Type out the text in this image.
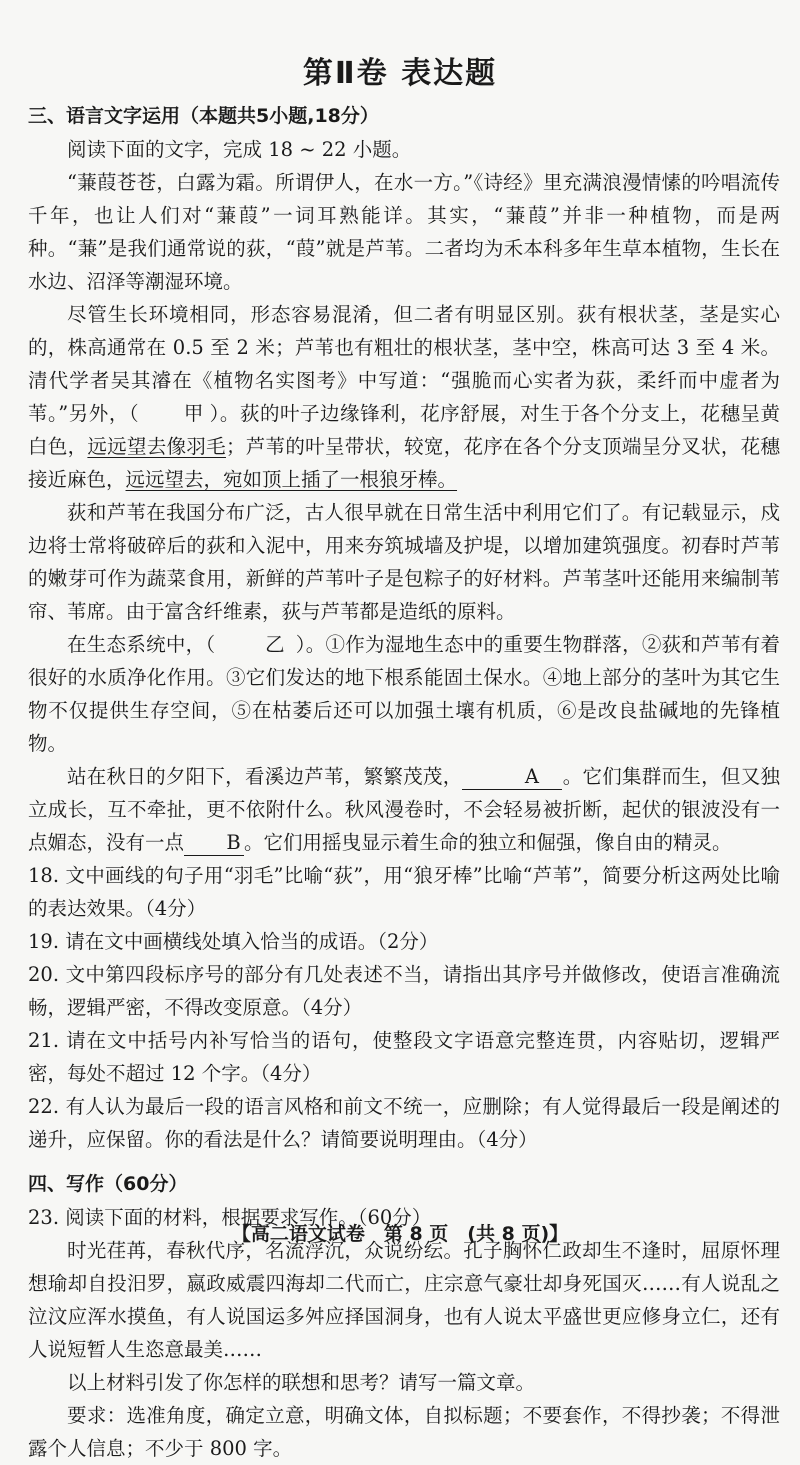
第Ⅱ卷 表达题
三、语言文字运用（本题共5小题,18分）

阅读下面的文字，完成 18 ~ 22 小题。

“蒹葭苍苍，白露为霜。所谓伊人，在水一方。”《诗经》里充满浪漫情愫的吟唱流传千年，也让人们对“蒹葭”一词耳熟能详。其实，“蒹葭”并非一种植物，而是两种。“蒹”是我们通常说的荻，“葭”就是芦苇。二者均为禾本科多年生草本植物，生长在水边、沼泽等潮湿环境。

尽管生长环境相同，形态容易混淆，但二者有明显区别。荻有根状茎，茎是实心的，株高通常在 0.5 至 2 米；芦苇也有粗壮的根状茎，茎中空，株高可达 3 至 4 米。清代学者吴其濬在《植物名实图考》中写道：“强脆而心实者为荻，柔纤而中虚者为苇。”另外，（ 甲 ）。荻的叶子边缘锋利，花序舒展，对生于各个分支上，花穗呈黄白色，远远望去像羽毛；芦苇的叶呈带状，较宽，花序在各个分支顶端呈分叉状，花穗接近麻色，远远望去，宛如顶上插了一根狼牙棒。

荻和芦苇在我国分布广泛，古人很早就在日常生活中利用它们了。有记载显示，戍边将士常将破碎后的荻和入泥中，用来夯筑城墙及护堤，以增加建筑强度。初春时芦苇的嫩芽可作为蔬菜食用，新鲜的芦苇叶子是包粽子的好材料。芦苇茎叶还能用来编制苇帘、苇席。由于富含纤维素，荻与芦苇都是造纸的原料。

在生态系统中，（	乙 ）。①作为湿地生态中的重要生物群落，②荻和芦苇有着很好的水质净化作用。③它们发达的地下根系能固土保水。④地上部分的茎叶为其它生物不仅提供生存空间，⑤在枯萎后还可以加强土壤有机质，⑥是改良盐碱地的先锋植物。

站在秋日的夕阳下，看溪边芦苇，繁繁茂茂，	A 。它们集群而生，但又独立成长，互不牵扯，更不依附什么。秋风漫卷时，不会轻易被折断，起伏的银波没有一点媚态，没有一点 B 。它们用摇曳显示着生命的独立和倔强，像自由的精灵。

18. 文中画线的句子用“羽毛”比喻“荻”，用“狼牙棒”比喻“芦苇”，简要分析这两处比喻的表达效果。（4分）

19. 请在文中画横线处填入恰当的成语。（2分）

20. 文中第四段标序号的部分有几处表述不当，请指出其序号并做修改，使语言准确流畅，逻辑严密，不得改变原意。（4分）

21. 请在文中括号内补写恰当的语句，使整段文字语意完整连贯，内容贴切，逻辑严密，每处不超过 12 个字。（4分）

22. 有人认为最后一段的语言风格和前文不统一，应删除；有人觉得最后一段是阐述的递升，应保留。你的看法是什么？请简要说明理由。（4分）

四、写作（60分）

23. 阅读下面的材料，根据要求写作。（60分）

时光荏苒，春秋代序，名流浮沉，众说纷纭。孔子胸怀仁政却生不逢时，屈原怀理想瑜却自投汨罗，嬴政威震四海却二代而亡，庄宗意气豪壮却身死国灭……有人说乱之泣汶应浑水摸鱼，有人说国运多舛应择国洞身，也有人说太平盛世更应修身立仁，还有人说短暂人生恣意最美……

以上材料引发了你怎样的联想和思考？请写一篇文章。

要求：选准角度，确定立意，明确文体，自拟标题；不要套作，不得抄袭；不得泄露个人信息；不少于 800 字。

【高二语文试卷　第 8 页　(共 8 页)】
